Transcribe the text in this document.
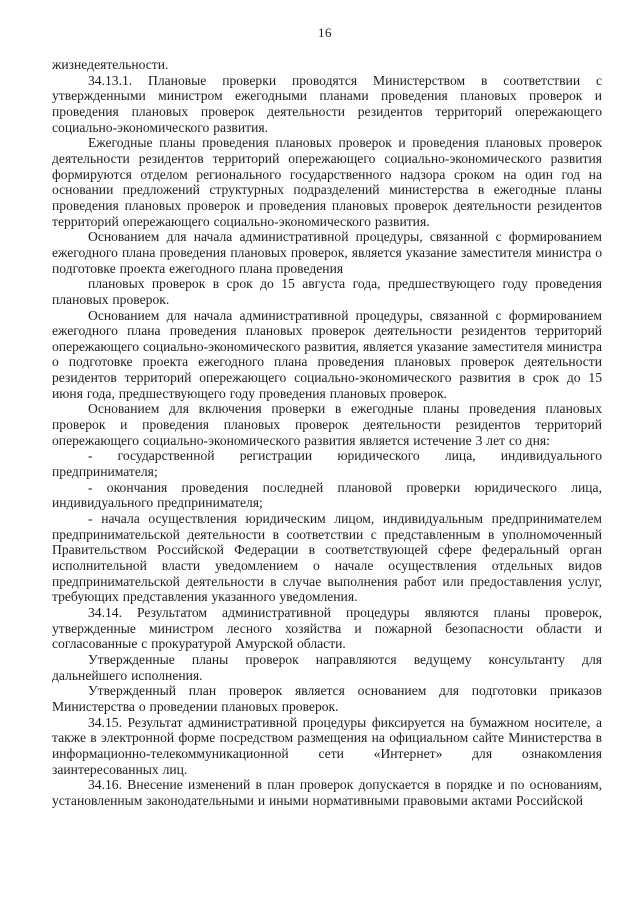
16

жизнедеятельности.

34.13.1. Плановые проверки проводятся Министерством в соответствии с утвержденными министром ежегодными планами проведения плановых проверок и проведения плановых проверок деятельности резидентов территорий опережающего социально-экономического развития.

Ежегодные планы проведения плановых проверок и проведения плановых проверок деятельности резидентов территорий опережающего социально-экономического развития формируются отделом регионального государственного надзора сроком на один год на основании предложений структурных подразделений министерства в ежегодные планы проведения плановых проверок и проведения плановых проверок деятельности резидентов территорий опережающего социально-экономического развития.

Основанием для начала административной процедуры, связанной с формированием ежегодного плана проведения плановых проверок, является указание заместителя министра о подготовке проекта ежегодного плана проведения

плановых проверок в срок до 15 августа года, предшествующего году проведения плановых проверок.

Основанием для начала административной процедуры, связанной с формированием ежегодного плана проведения плановых проверок деятельности резидентов территорий опережающего социально-экономического развития, является указание заместителя министра о подготовке проекта ежегодного плана проведения плановых проверок деятельности резидентов территорий опережающего социально-экономического развития в срок до 15 июня года, предшествующего году проведения плановых проверок.

Основанием для включения проверки в ежегодные планы проведения плановых проверок и проведения плановых проверок деятельности резидентов территорий опережающего социально-экономического развития является истечение 3 лет со дня:

- государственной регистрации юридического лица, индивидуального предпринимателя;

- окончания проведения последней плановой проверки юридического лица, индивидуального предпринимателя;

- начала осуществления юридическим лицом, индивидуальным предпринимателем предпринимательской деятельности в соответствии с представленным в уполномоченный Правительством Российской Федерации в соответствующей сфере федеральный орган исполнительной власти уведомлением о начале осуществления отдельных видов предпринимательской деятельности в случае выполнения работ или предоставления услуг, требующих представления указанного уведомления.

34.14. Результатом административной процедуры являются планы проверок, утвержденные министром лесного хозяйства и пожарной безопасности области и согласованные с прокуратурой Амурской области.

Утвержденные планы проверок направляются ведущему консультанту для дальнейшего исполнения.

Утвержденный план проверок является основанием для подготовки приказов Министерства о проведении плановых проверок.

34.15. Результат административной процедуры фиксируется на бумажном носителе, а также в электронной форме посредством размещения на официальном сайте Министерства в информационно-телекоммуникационной сети «Интернет» для ознакомления заинтересованных лиц.

34.16. Внесение изменений в план проверок допускается в порядке и по основаниям, установленным законодательными и иными нормативными правовыми актами Российской
